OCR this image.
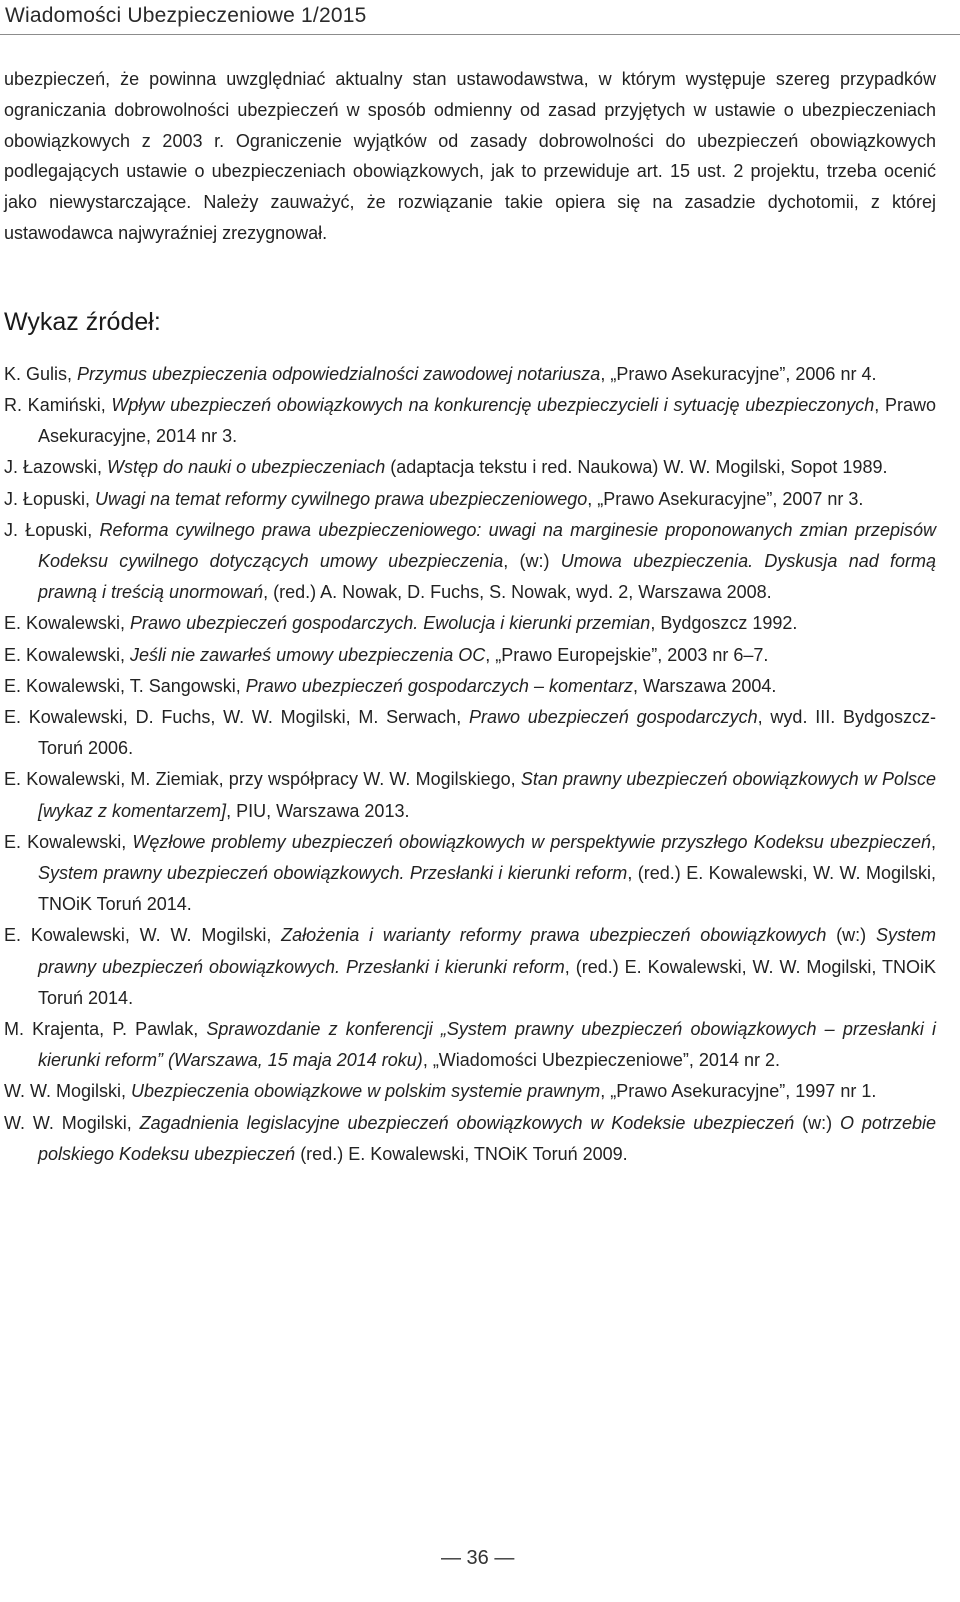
Wiadomości Ubezpieczeniowe 1/2015

ubezpieczeń, że powinna uwzględniać aktualny stan ustawodawstwa, w którym występuje szereg przypadków ograniczania dobrowolności ubezpieczeń w sposób odmienny od zasad przyjętych w ustawie o ubezpieczeniach obowiązkowych z 2003 r. Ograniczenie wyjątków od zasady dobrowolności do ubezpieczeń obowiązkowych podlegających ustawie o ubezpieczeniach obowiązkowych, jak to przewiduje art. 15 ust. 2 projektu, trzeba ocenić jako niewystarczające. Należy zauważyć, że rozwiązanie takie opiera się na zasadzie dychotomii, z której ustawodawca najwyraźniej zrezygnował.

Wykaz źródeł:
K. Gulis, Przymus ubezpieczenia odpowiedzialności zawodowej notariusza, „Prawo Asekuracyjne”, 2006 nr 4.
R. Kamiński, Wpływ ubezpieczeń obowiązkowych na konkurencję ubezpieczycieli i sytuację ubezpieczonych, Prawo Asekuracyjne, 2014 nr 3.
J. Łazowski, Wstęp do nauki o ubezpieczeniach (adaptacja tekstu i red. Naukowa) W. W. Mogilski, Sopot 1989.
J. Łopuski, Uwagi na temat reformy cywilnego prawa ubezpieczeniowego, „Prawo Asekuracyjne”, 2007 nr 3.
J. Łopuski, Reforma cywilnego prawa ubezpieczeniowego: uwagi na marginesie proponowanych zmian przepisów Kodeksu cywilnego dotyczących umowy ubezpieczenia, (w:) Umowa ubezpieczenia. Dyskusja nad formą prawną i treścią unormowań, (red.) A. Nowak, D. Fuchs, S. Nowak, wyd. 2, Warszawa 2008.
E. Kowalewski, Prawo ubezpieczeń gospodarczych. Ewolucja i kierunki przemian, Bydgoszcz 1992.
E. Kowalewski, Jeśli nie zawarłeś umowy ubezpieczenia OC, „Prawo Europejskie”, 2003 nr 6–7.
E. Kowalewski, T. Sangowski, Prawo ubezpieczeń gospodarczych – komentarz, Warszawa 2004.
E. Kowalewski, D. Fuchs, W. W. Mogilski, M. Serwach, Prawo ubezpieczeń gospodarczych, wyd. III. Bydgoszcz-Toruń 2006.
E. Kowalewski, M. Ziemiak, przy współpracy W. W. Mogilskiego, Stan prawny ubezpieczeń obowiązkowych w Polsce [wykaz z komentarzem], PIU, Warszawa 2013.
E. Kowalewski, Węzłowe problemy ubezpieczeń obowiązkowych w perspektywie przyszłego Kodeksu ubezpieczeń, System prawny ubezpieczeń obowiązkowych. Przesłanki i kierunki reform, (red.) E. Kowalewski, W. W. Mogilski, TNOiK Toruń 2014.
E. Kowalewski, W. W. Mogilski, Założenia i warianty reformy prawa ubezpieczeń obowiązkowych (w:) System prawny ubezpieczeń obowiązkowych. Przesłanki i kierunki reform, (red.) E. Kowalewski, W. W. Mogilski, TNOiK Toruń 2014.
M. Krajenta, P. Pawlak, Sprawozdanie z konferencji „System prawny ubezpieczeń obowiązkowych – przesłanki i kierunki reform” (Warszawa, 15 maja 2014 roku), „Wiadomości Ubezpieczeniowe”, 2014 nr 2.
W. W. Mogilski, Ubezpieczenia obowiązkowe w polskim systemie prawnym, „Prawo Asekuracyjne”, 1997 nr 1.
W. W. Mogilski, Zagadnienia legislacyjne ubezpieczeń obowiązkowych w Kodeksie ubezpieczeń (w:) O potrzebie polskiego Kodeksu ubezpieczeń (red.) E. Kowalewski, TNOiK Toruń 2009.
— 36 —
